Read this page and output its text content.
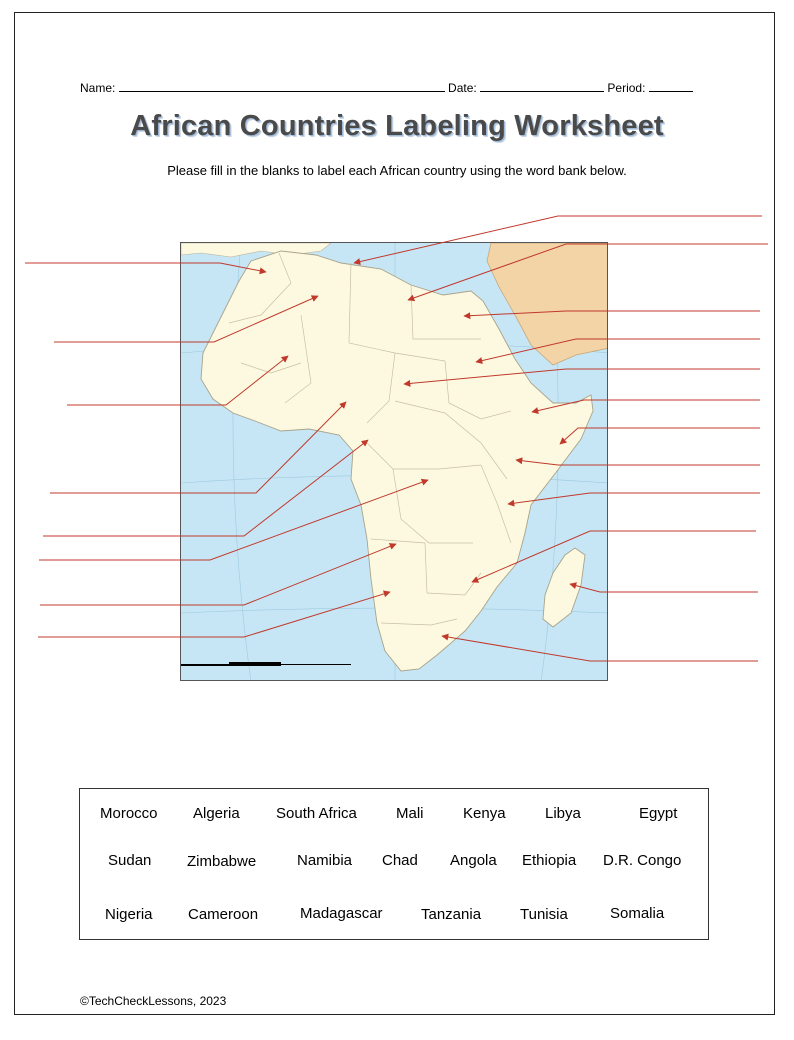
Name:	Date:	Period:
African Countries Labeling Worksheet
Please fill in the blanks to label each African country using the word bank below.
Morocco Algeria South Africa	Mali	Kenya	Libya	Egypt
Sudan Zimbabwe	Namibia Chad Angola Ethiopia D.R. Congo
Nigeria Cameroon	Madagascar	Tanzania	Tunisia	Somalia
©TechCheckLessons, 2023
